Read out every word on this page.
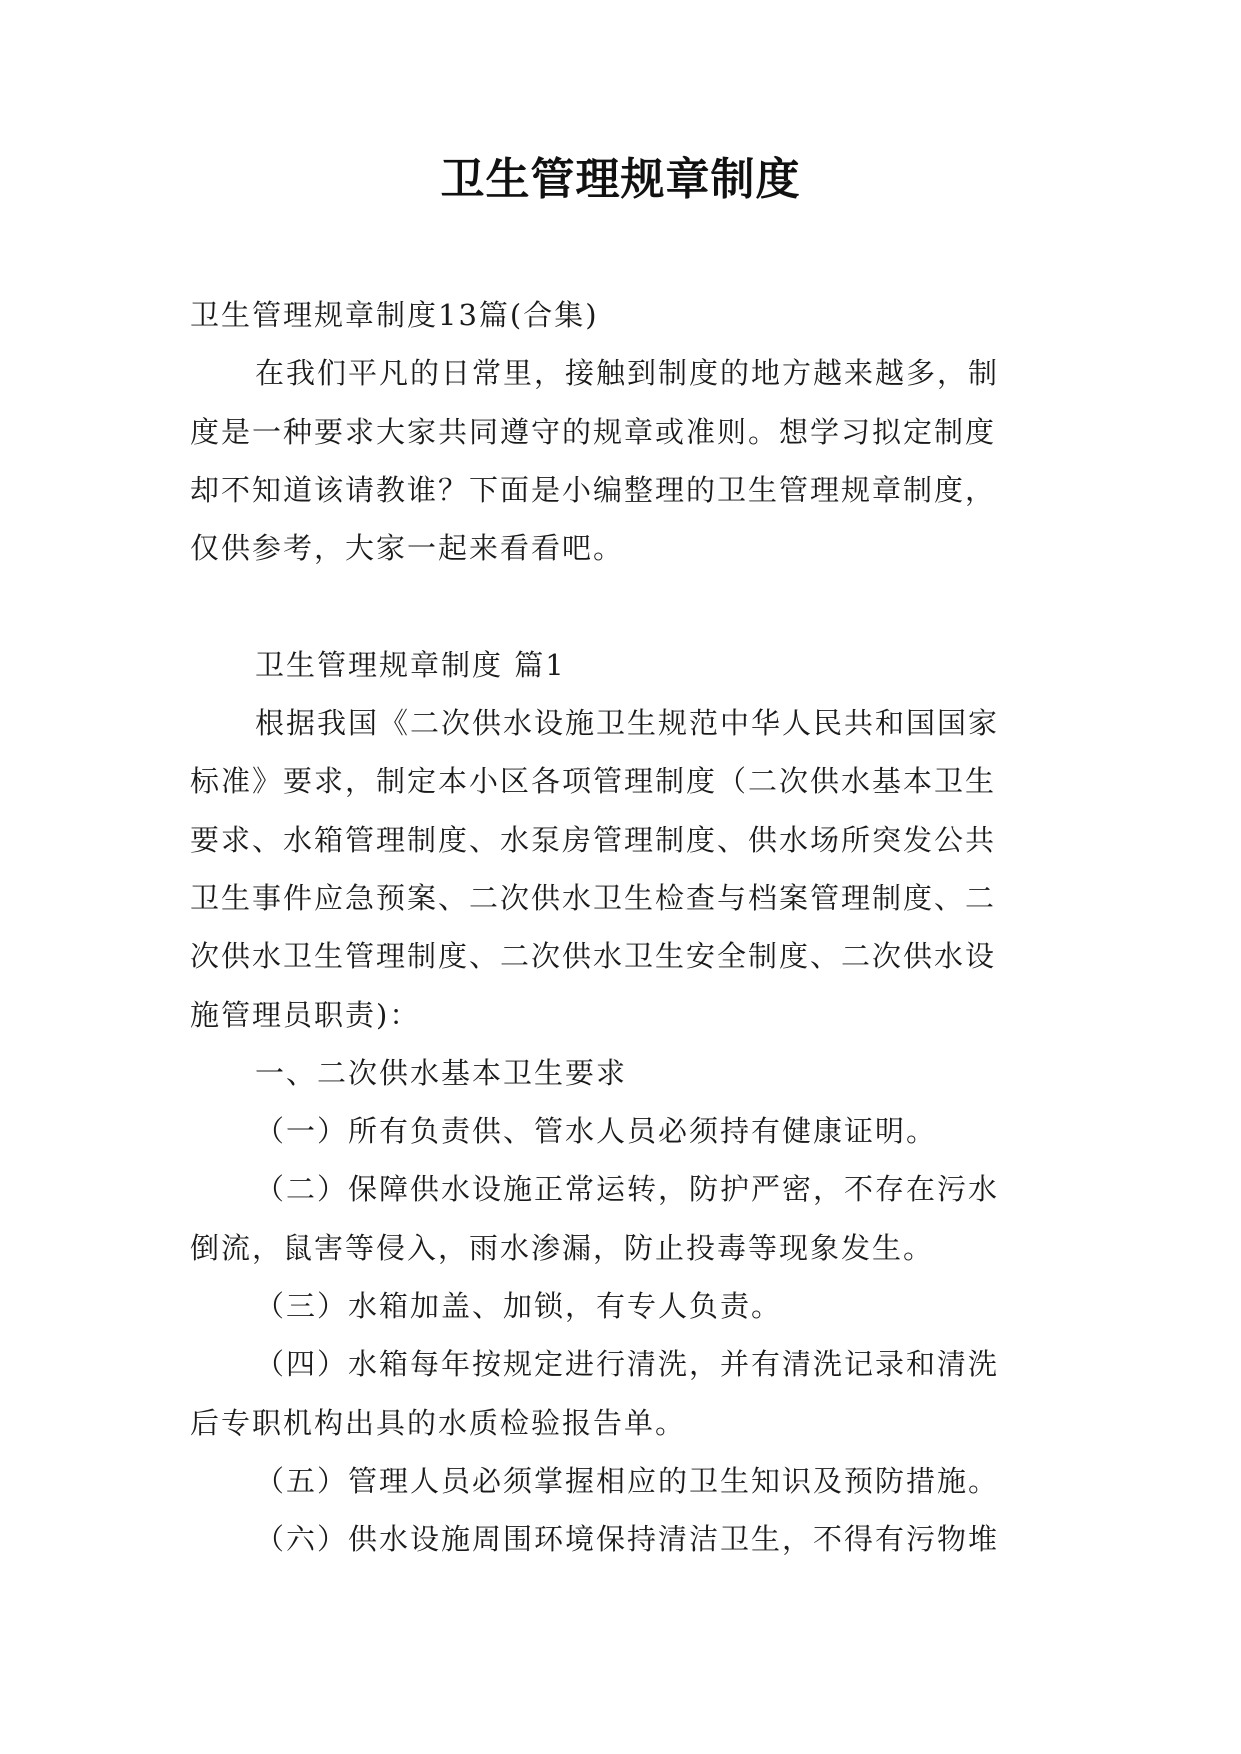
卫生管理规章制度
卫生管理规章制度13篇(合集)
在我们平凡的日常里，接触到制度的地方越来越多，制
度是一种要求大家共同遵守的规章或准则。想学习拟定制度
却不知道该请教谁？下面是小编整理的卫生管理规章制度，
仅供参考，大家一起来看看吧。
卫生管理规章制度 篇1
根据我国《二次供水设施卫生规范中华人民共和国国家
标准》要求，制定本小区各项管理制度（二次供水基本卫生
要求、水箱管理制度、水泵房管理制度、供水场所突发公共
卫生事件应急预案、二次供水卫生检查与档案管理制度、二
次供水卫生管理制度、二次供水卫生安全制度、二次供水设
施管理员职责)：
一、二次供水基本卫生要求
（一）所有负责供、管水人员必须持有健康证明。
（二）保障供水设施正常运转，防护严密，不存在污水
倒流，鼠害等侵入，雨水渗漏，防止投毒等现象发生。
（三）水箱加盖、加锁，有专人负责。
（四）水箱每年按规定进行清洗，并有清洗记录和清洗
后专职机构出具的水质检验报告单。
（五）管理人员必须掌握相应的卫生知识及预防措施。
（六）供水设施周围环境保持清洁卫生，不得有污物堆
